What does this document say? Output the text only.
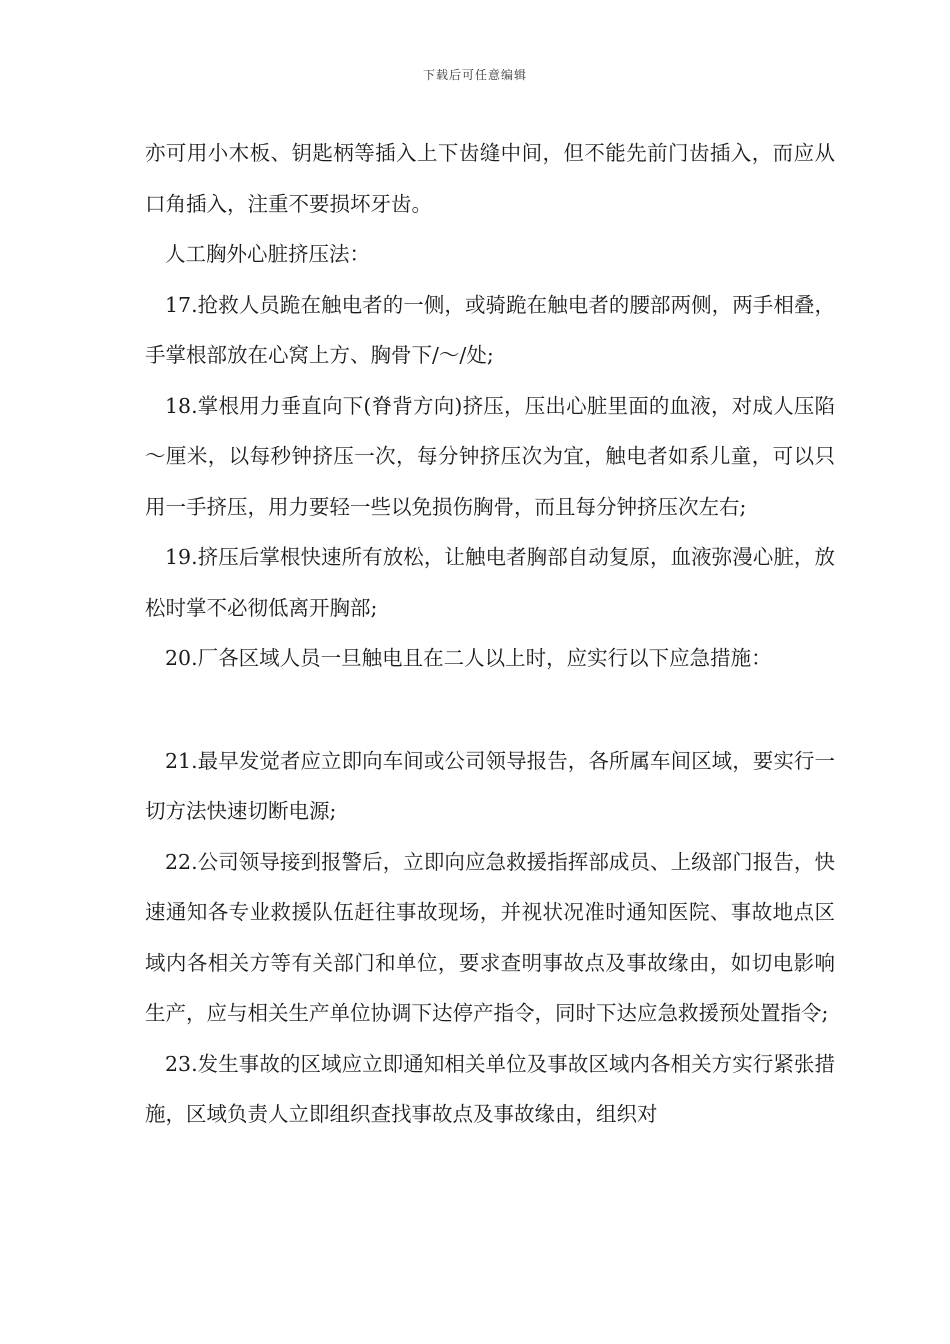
下载后可任意编辑

亦可用小木板、钥匙柄等插入上下齿缝中间，但不能先前门齿插入，而应从口角插入，注重不要损坏牙齿。

人工胸外心脏挤压法：

17.抢救人员跪在触电者的一侧，或骑跪在触电者的腰部两侧，两手相叠，手掌根部放在心窝上方、胸骨下/～/处;

18.掌根用力垂直向下(脊背方向)挤压，压出心脏里面的血液，对成人压陷～厘米，以每秒钟挤压一次，每分钟挤压次为宜，触电者如系儿童，可以只用一手挤压，用力要轻一些以免损伤胸骨，而且每分钟挤压次左右;

19.挤压后掌根快速所有放松，让触电者胸部自动复原，血液弥漫心脏，放松时掌不必彻低离开胸部;

20.厂各区域人员一旦触电且在二人以上时，应实行以下应急措施：

21.最早发觉者应立即向车间或公司领导报告，各所属车间区域，要实行一切方法快速切断电源;

22.公司领导接到报警后，立即向应急救援指挥部成员、上级部门报告，快速通知各专业救援队伍赶往事故现场，并视状况准时通知医院、事故地点区域内各相关方等有关部门和单位，要求查明事故点及事故缘由，如切电影响生产，应与相关生产单位协调下达停产指令，同时下达应急救援预处置指令;

23.发生事故的区域应立即通知相关单位及事故区域内各相关方实行紧张措施，区域负责人立即组织查找事故点及事故缘由，组织对
